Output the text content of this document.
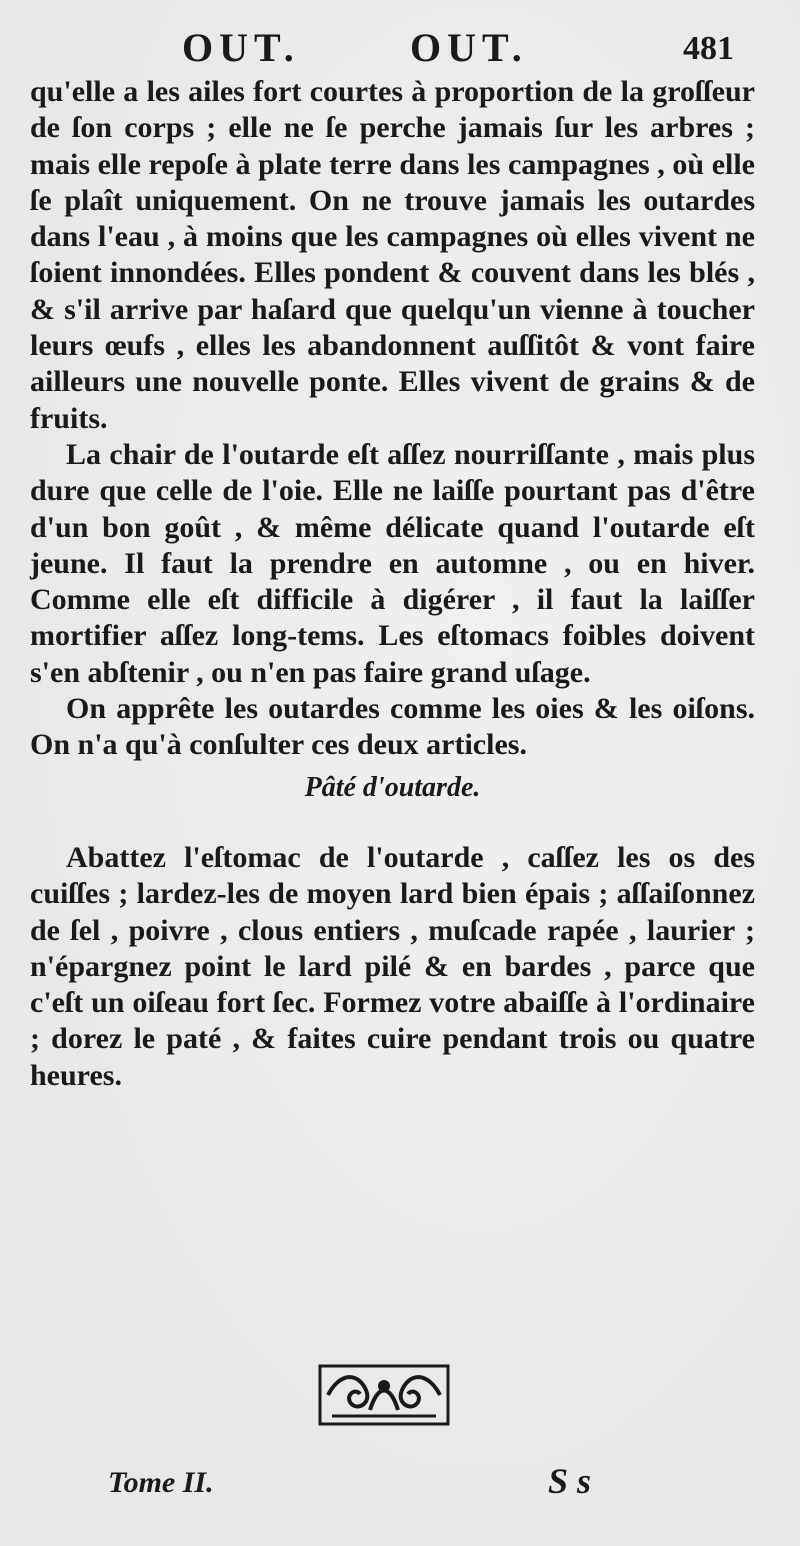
OUT.	OUT.	481

qu'elle a les ailes fort courtes à proportion de la groſſeur de ſon corps ; elle ne ſe perche jamais ſur les arbres ; mais elle repoſe à plate terre dans les campagnes , où elle ſe plaît uniquement. On ne trouve jamais les outardes dans l'eau , à moins que les campagnes où elles vivent ne ſoient innondées. Elles pondent & couvent dans les blés , & s'il arrive par haſard que quelqu'un vienne à toucher leurs œufs , elles les abandonnent auſſitôt & vont faire ailleurs une nouvelle ponte. Elles vivent de grains & de fruits.

La chair de l'outarde eſt aſſez nourriſſante , mais plus dure que celle de l'oie. Elle ne laiſſe pourtant pas d'être d'un bon goût , & même délicate quand l'outarde eſt jeune. Il faut la prendre en automne , ou en hiver. Comme elle eſt difficile à digérer , il faut la laiſſer mortifier aſſez long-tems. Les eſtomacs foibles doivent s'en abſtenir , ou n'en pas faire grand uſage.

On apprête les outardes comme les oies & les oiſons. On n'a qu'à conſulter ces deux articles.

Pâté d'outarde.

Abattez l'eſtomac de l'outarde , caſſez les os des cuiſſes ; lardez-les de moyen lard bien épais ; aſſaiſonnez de ſel , poivre , clous entiers , muſcade rapée , laurier ; n'épargnez point le lard pilé & en bardes , parce que c'eſt un oiſeau fort ſec. Formez votre abaiſſe à l'ordinaire ; dorez le paté , & faites cuire pendant trois ou quatre heures.

Tome II.	S s
